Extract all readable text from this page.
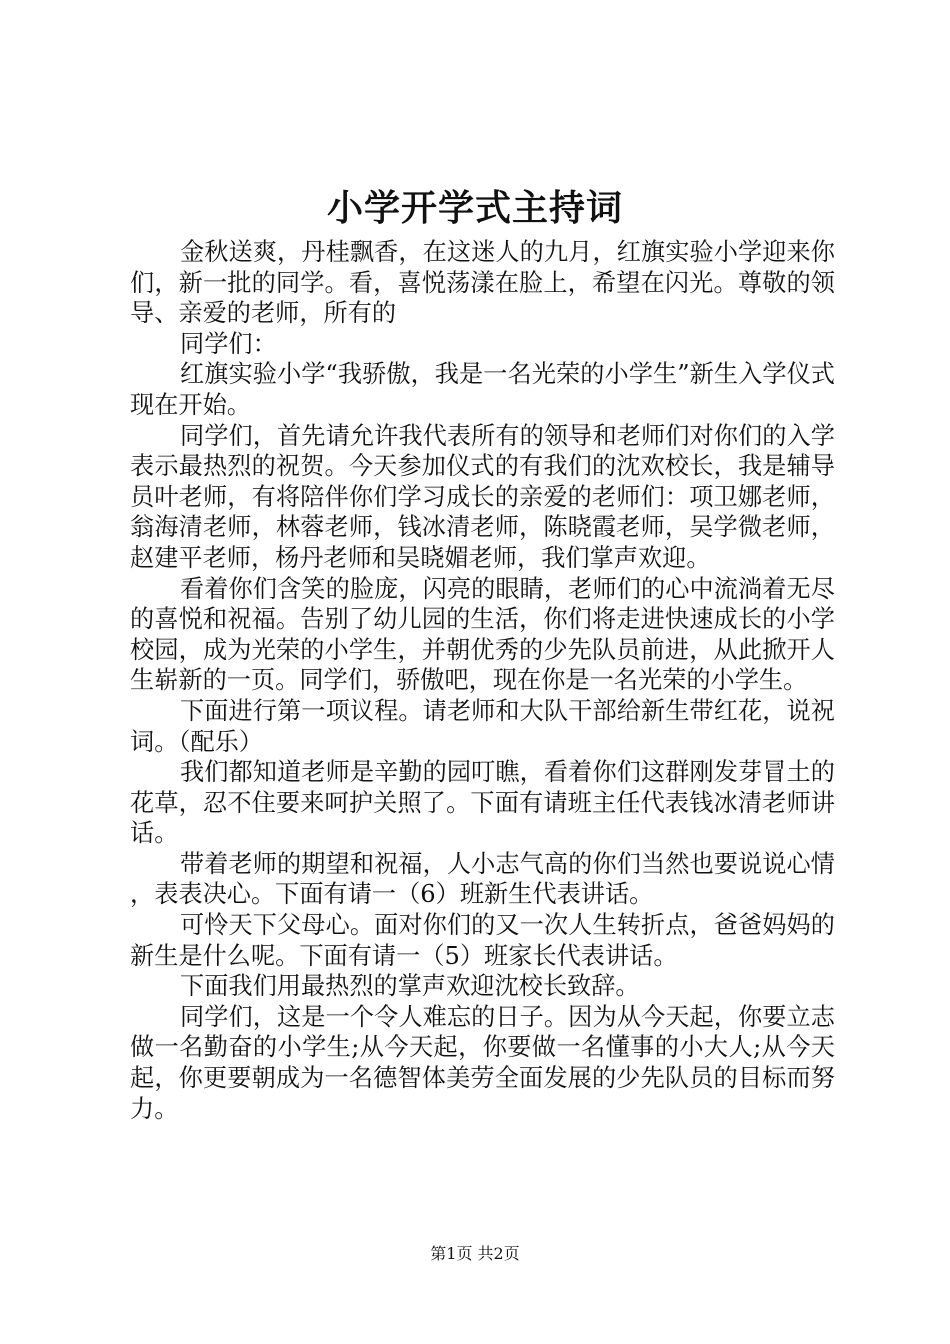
小学开学式主持词

金秋送爽，丹桂飘香，在这迷人的九月，红旗实验小学迎来你们，新一批的同学。看，喜悦荡漾在脸上，希望在闪光。尊敬的领导、亲爱的老师，所有的

同学们：

红旗实验小学“我骄傲，我是一名光荣的小学生”新生入学仪式现在开始。

同学们，首先请允许我代表所有的领导和老师们对你们的入学表示最热烈的祝贺。今天参加仪式的有我们的沈欢校长，我是辅导员叶老师，有将陪伴你们学习成长的亲爱的老师们：项卫娜老师，翁海清老师，林蓉老师，钱冰清老师，陈晓霞老师，吴学微老师，赵建平老师，杨丹老师和吴晓媚老师，我们掌声欢迎。

看着你们含笑的脸庞，闪亮的眼睛，老师们的心中流淌着无尽的喜悦和祝福。告别了幼儿园的生活，你们将走进快速成长的小学校园，成为光荣的小学生，并朝优秀的少先队员前进，从此掀开人生崭新的一页。同学们，骄傲吧，现在你是一名光荣的小学生。

下面进行第一项议程。请老师和大队干部给新生带红花，说祝词。（配乐）

我们都知道老师是辛勤的园叮瞧，看着你们这群刚发芽冒土的花草，忍不住要来呵护关照了。下面有请班主任代表钱冰清老师讲话。

带着老师的期望和祝福，人小志气高的你们当然也要说说心情，表表决心。下面有请一（6）班新生代表讲话。

可怜天下父母心。面对你们的又一次人生转折点，爸爸妈妈的新生是什么呢。下面有请一（5）班家长代表讲话。

下面我们用最热烈的掌声欢迎沈校长致辞。

同学们，这是一个令人难忘的日子。因为从今天起，你要立志做一名勤奋的小学生;从今天起，你要做一名懂事的小大人;从今天起，你更要朝成为一名德智体美劳全面发展的少先队员的目标而努力。

第1页 共2页
